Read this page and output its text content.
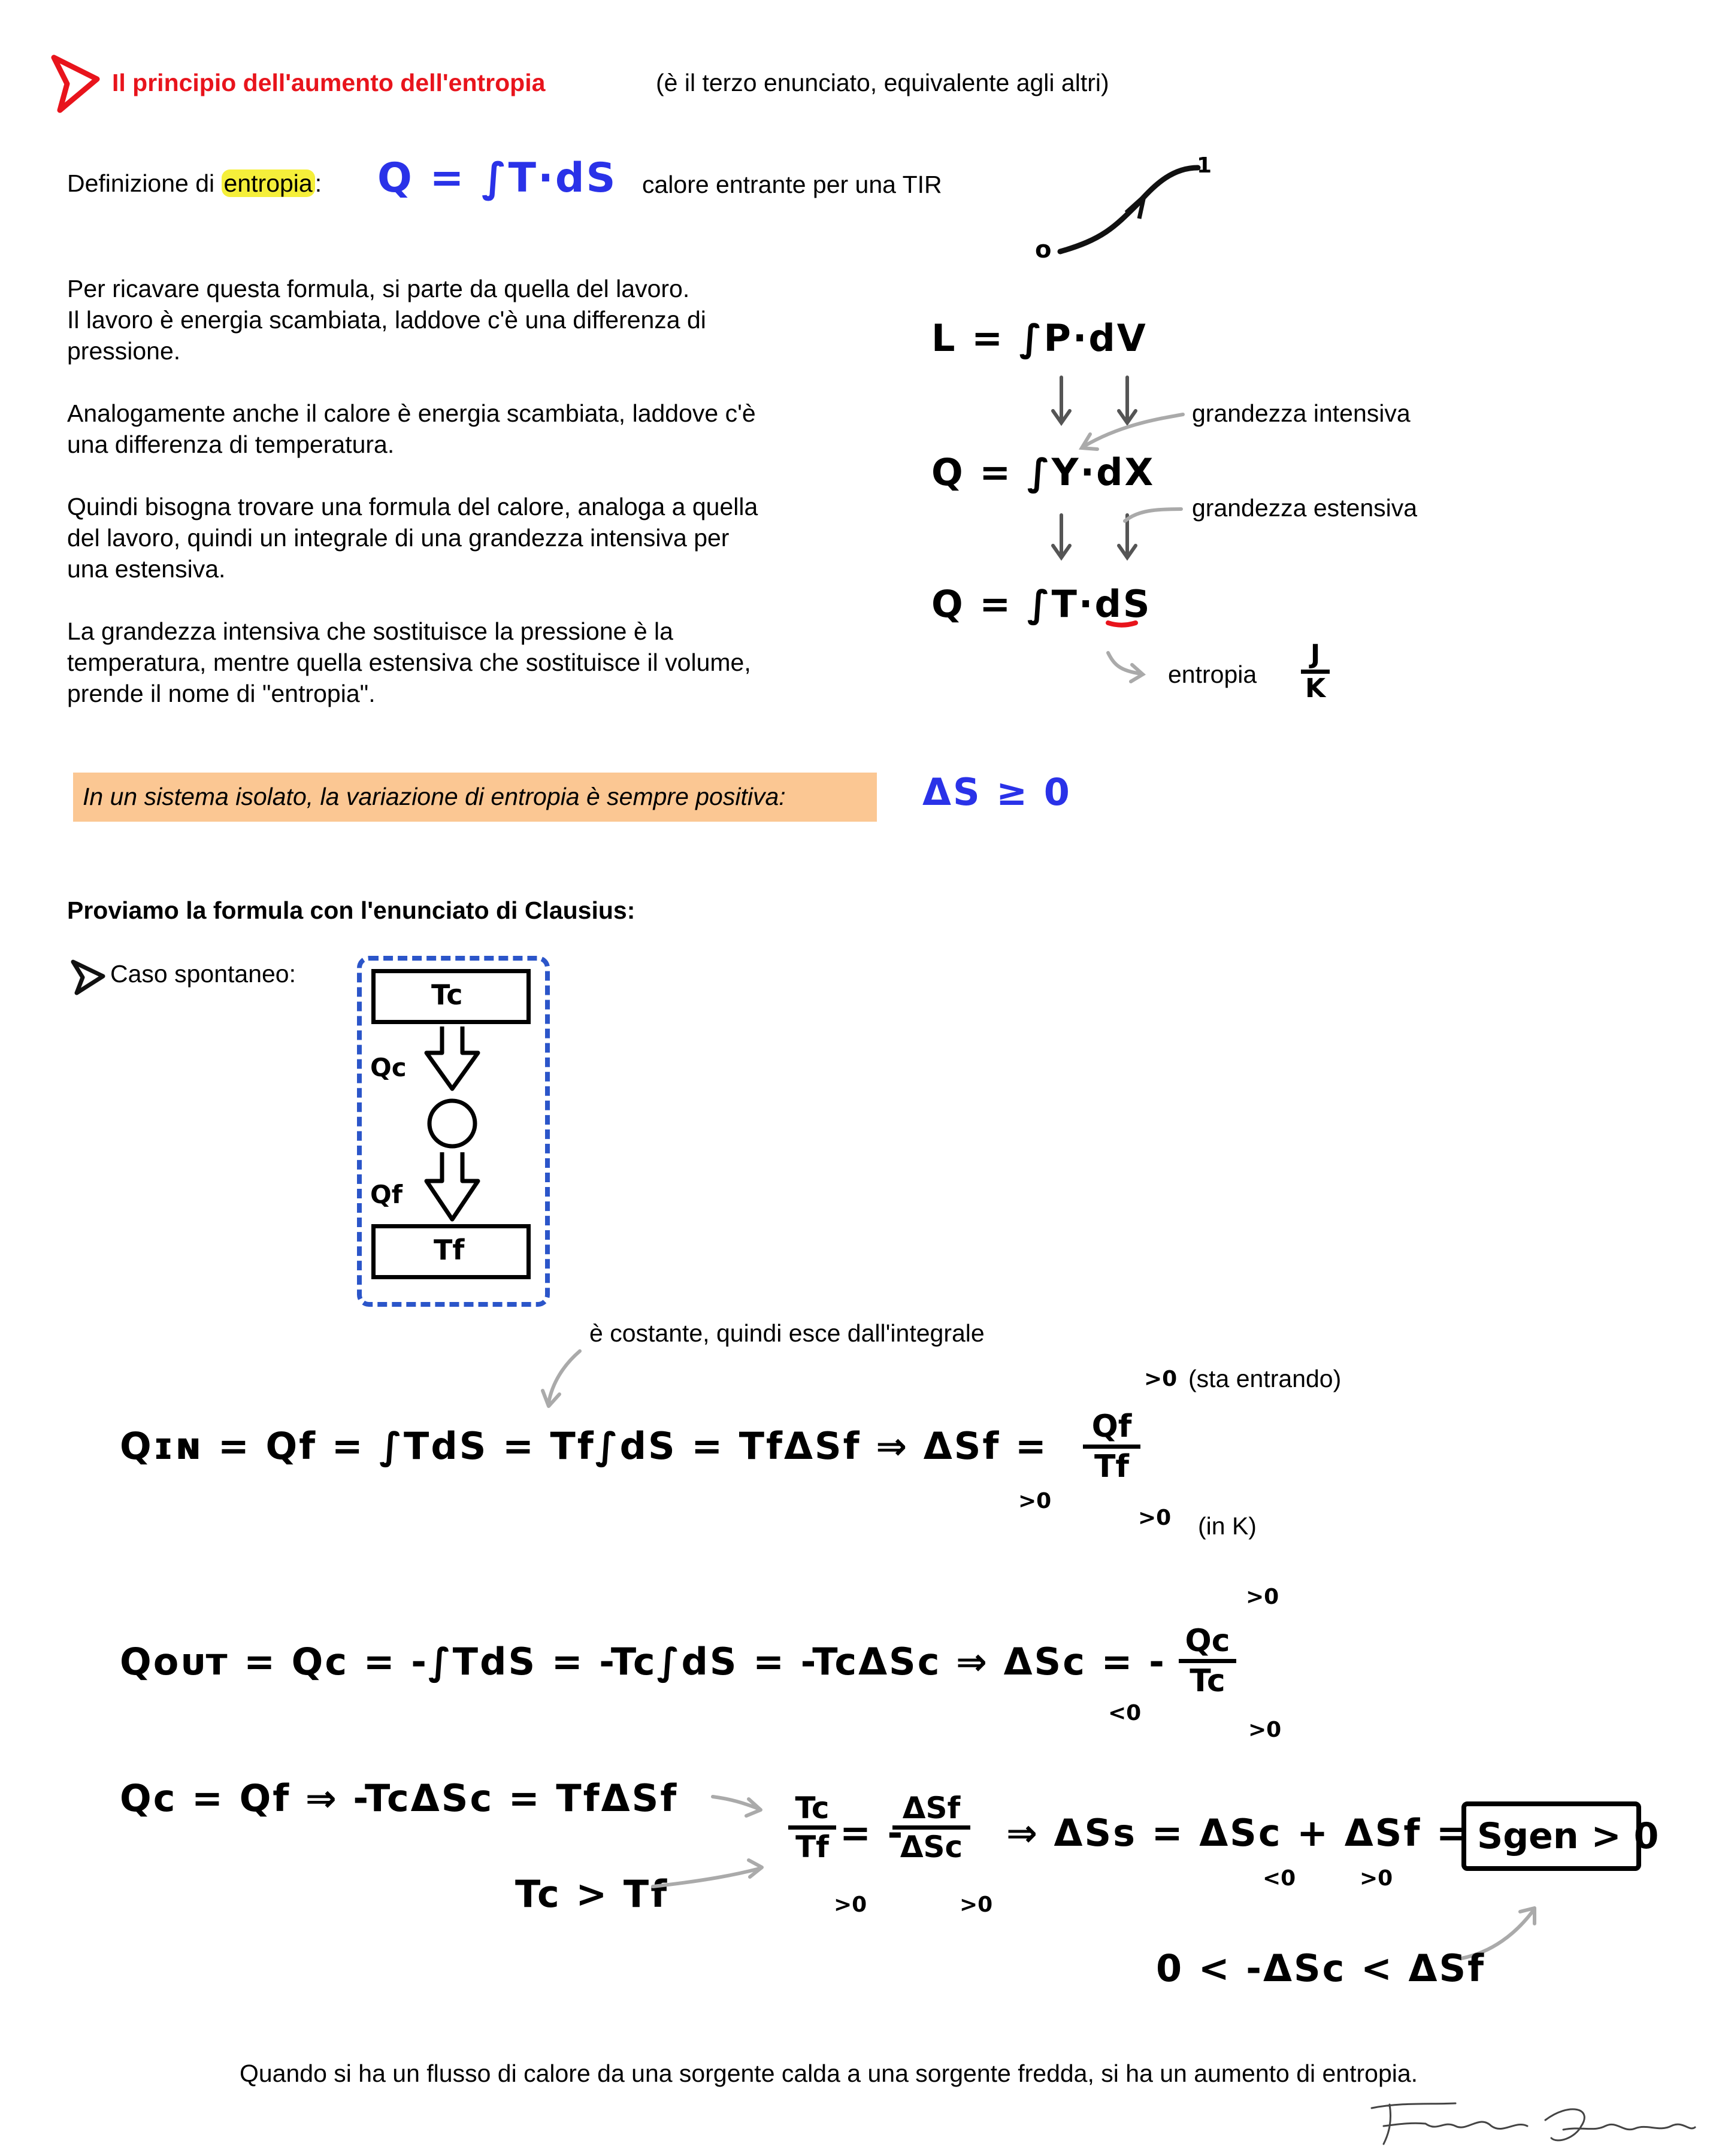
Il principio dell'aumento dell'entropia	(è il terzo enunciato, equivalente agli altri)
Definizione di entropia: Q = ∫T·dS calore entrante per una TIR
o
1
Per ricavare questa formula, si parte da quella del lavoro.
Il lavoro è energia scambiata, laddove c'è una differenza di
pressione.
Analogamente anche il calore è energia scambiata, laddove c'è
una differenza di temperatura.
Quindi bisogna trovare una formula del calore, analoga a quella
del lavoro, quindi un integrale di una grandezza intensiva per
una estensiva.
La grandezza intensiva che sostituisce la pressione è la
temperatura, mentre quella estensiva che sostituisce il volume,
prende il nome di "entropia".
L = ∫P·dV
Q = ∫Y·dX
Q = ∫T·dS
grandezza intensiva
grandezza estensiva
entropia
J
K
In un sistema isolato, la variazione di entropia è sempre positiva:	ΔS ≥ 0
Proviamo la formula con l'enunciato di Clausius:
Caso spontaneo:
Tc
Tf
Qc
Qf
è costante, quindi esce dall'integrale
(sta entrando)
(in K)
Qɪɴ = Qf = ∫TdS = Tf∫dS = TfΔSf ⇒ ΔSf = Qf
Tf
>0
>0
>0
Qᴏᴜᴛ = Qc = -∫TdS = -Tc∫dS = -TcΔSc ⇒ ΔSc = - Qc
Tc
>0
<0
>0
Qc = Qf ⇒ -TcΔSc = TfΔSf
Tc > Tf
Tc
Tf = -
ΔSf
ΔSc
>0	>0
⇒ ΔSs = ΔSc + ΔSf =
<0	>0
Sgen > 0
0 < -ΔSc < ΔSf
Quando si ha un flusso di calore da una sorgente calda a una sorgente fredda, si ha un aumento di entropia.
